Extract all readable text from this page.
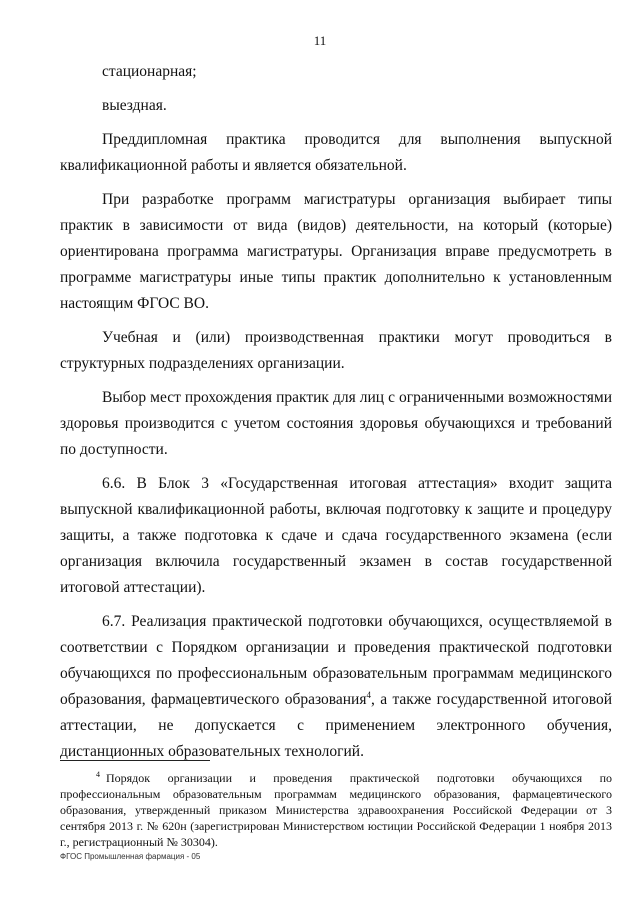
11

стационарная;

выездная.

Преддипломная практика проводится для выполнения выпускной квалификационной работы и является обязательной.

При разработке программ магистратуры организация выбирает типы практик в зависимости от вида (видов) деятельности, на который (которые) ориентирована программа магистратуры. Организация вправе предусмотреть в программе магистратуры иные типы практик дополнительно к установленным настоящим ФГОС ВО.

Учебная и (или) производственная практики могут проводиться в структурных подразделениях организации.

Выбор мест прохождения практик для лиц с ограниченными возможностями здоровья производится с учетом состояния здоровья обучающихся и требований по доступности.

6.6. В Блок 3 «Государственная итоговая аттестация» входит защита выпускной квалификационной работы, включая подготовку к защите и процедуру защиты, а также подготовка к сдаче и сдача государственного экзамена (если организация включила государственный экзамен в состав государственной итоговой аттестации).

6.7. Реализация практической подготовки обучающихся, осуществляемой в соответствии с Порядком организации и проведения практической подготовки обучающихся по профессиональным образовательным программам медицинского образования, фармацевтического образования$^4$, а также государственной итоговой аттестации, не допускается с применением электронного обучения, дистанционных образовательных технологий.

$^4$ Порядок организации и проведения практической подготовки обучающихся по профессиональным образовательным программам медицинского образования, фармацевтического образования, утвержденный приказом Министерства здравоохранения Российской Федерации от 3 сентября 2013 г. № 620н (зарегистрирован Министерством юстиции Российской Федерации 1 ноября 2013 г., регистрационный № 30304).
ФГОС Промышленная фармация - 05
